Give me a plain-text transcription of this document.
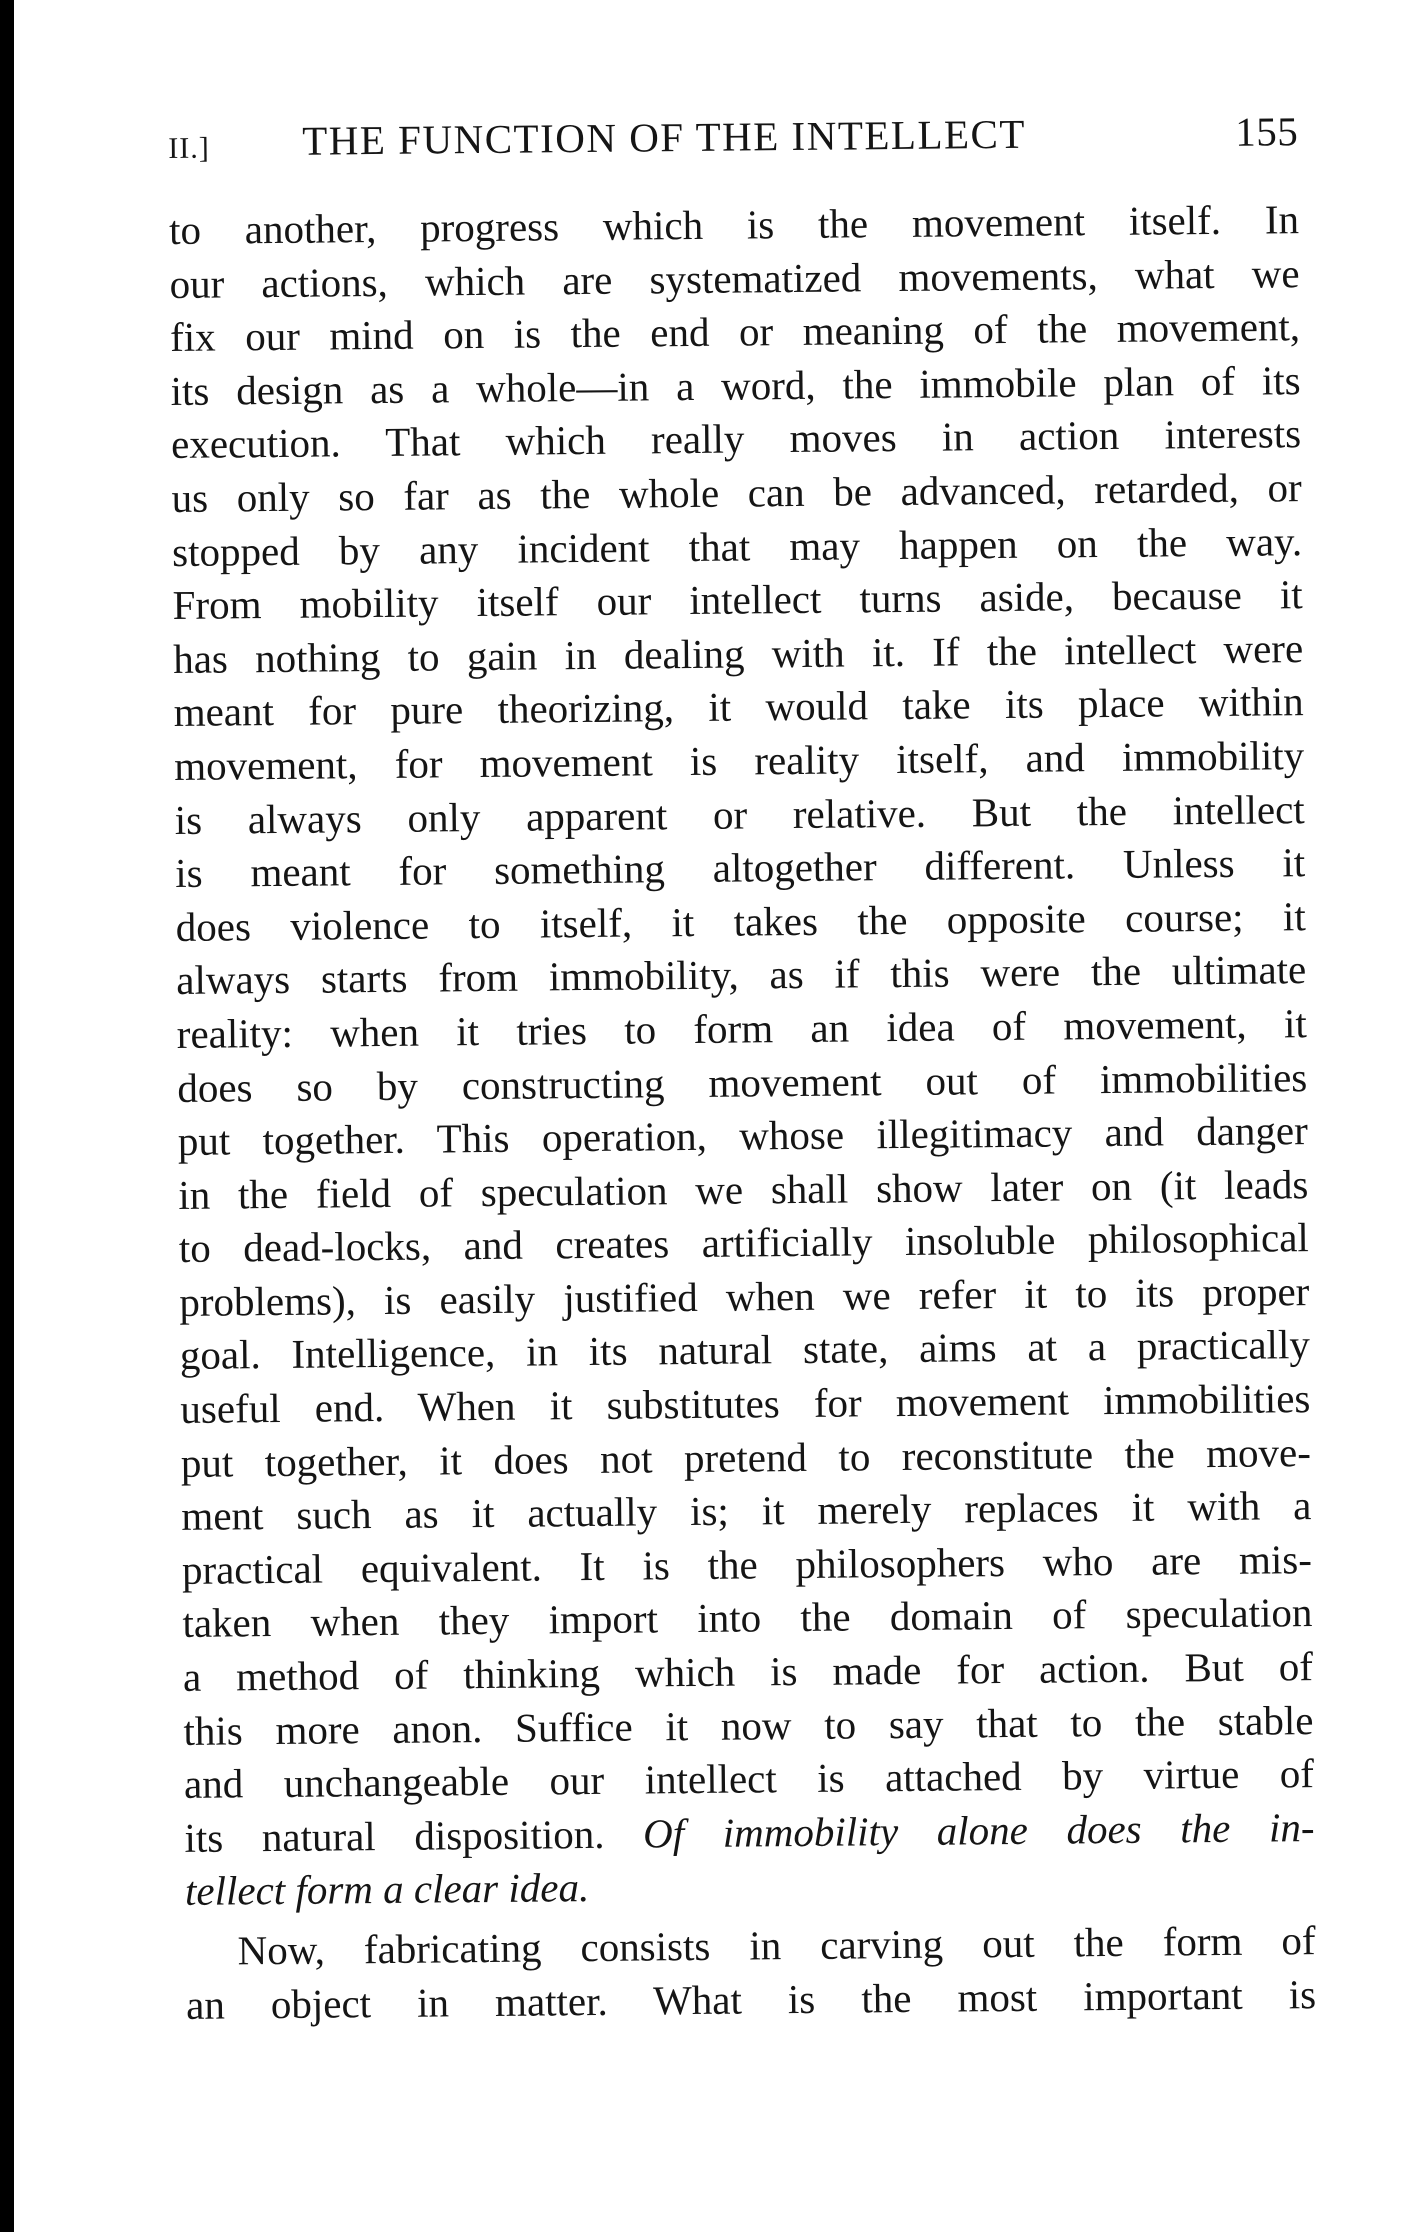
II.] THE FUNCTION OF THE INTELLECT	155

to another, progress which is the movement itself. In
our actions, which are systematized movements, what we
fix our mind on is the end or meaning of the movement,
its design as a whole—in a word, the immobile plan of its
execution. That which really moves in action interests
us only so far as the whole can be advanced, retarded, or
stopped by any incident that may happen on the way.
From mobility itself our intellect turns aside, because it
has nothing to gain in dealing with it. If the intellect were
meant for pure theorizing, it would take its place within
movement, for movement is reality itself, and immobility
is always only apparent or relative. But the intellect
is meant for something altogether different. Unless it
does violence to itself, it takes the opposite course; it
always starts from immobility, as if this were the ultimate
reality: when it tries to form an idea of movement, it
does so by constructing movement out of immobilities
put together. This operation, whose illegitimacy and danger
in the field of speculation we shall show later on (it leads
to dead-locks, and creates artificially insoluble philosophical
problems), is easily justified when we refer it to its proper
goal. Intelligence, in its natural state, aims at a practically
useful end. When it substitutes for movement immobilities
put together, it does not pretend to reconstitute the move-
ment such as it actually is; it merely replaces it with a
practical equivalent. It is the philosophers who are mis-
taken when they import into the domain of speculation
a method of thinking which is made for action. But of
this more anon. Suffice it now to say that to the stable
and unchangeable our intellect is attached by virtue of
its natural disposition. Of immobility alone does the in-
tellect form a clear idea.

Now, fabricating consists in carving out the form of
an object in matter. What is the most important is
